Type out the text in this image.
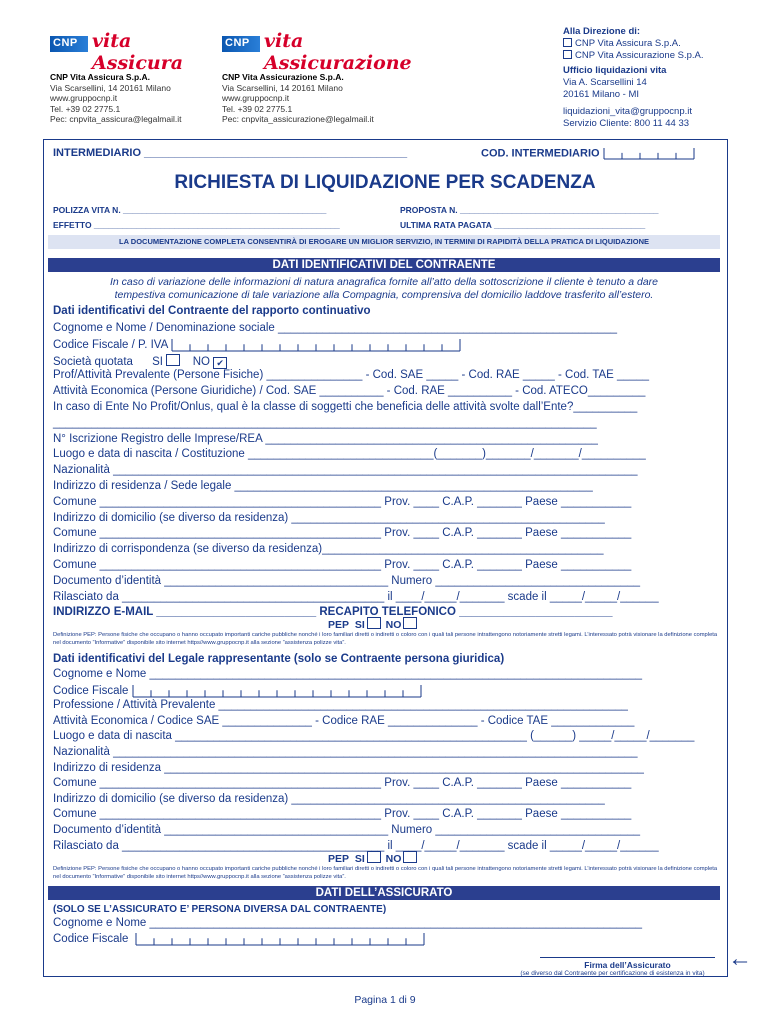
CNP vita Assicura
CNP vita Assicurazione
CNP Vita Assicura S.p.A.
Via Scarsellini, 14 20161 Milano
www.gruppocnp.it
Tel. +39 02 2775.1
Pec: cnpvita_assicura@legalmail.it
CNP Vita Assicurazione S.p.A.
Via Scarsellini, 14 20161 Milano
www.gruppocnp.it
Tel. +39 02 2775.1
Pec: cnpvita_assicurazione@legalmail.it
Alla Direzione di:
CNP Vita Assicura S.p.A.
CNP Vita Assicurazione S.p.A.
Ufficio liquidazioni vita
Via A. Scarsellini 14
20161 Milano - MI
liquidazioni_vita@gruppocnp.it
Servizio Cliente: 800 11 44 33
INTERMEDIARIO ___________________________________________	COD. INTERMEDIARIO
RICHIESTA DI LIQUIDAZIONE PER SCADENZA
POLIZZA VITA N. ___________________________________________	PROPOSTA N. __________________________________________
EFFETTO ____________________________________________________	ULTIMA RATA PAGATA ________________________________
LA DOCUMENTAZIONE COMPLETA CONSENTIRÀ DI EROGARE UN MIGLIOR SERVIZIO, IN TERMINI DI RAPIDITÀ DELLA PRATICA DI LIQUIDAZIONE
DATI IDENTIFICATIVI DEL CONTRAENTE
In caso di variazione delle informazioni di natura anagrafica fornite all’atto della sottoscrizione il cliente è tenuto a dare
tempestiva comunicazione di tale variazione alla Compagnia, comprensiva del domicilio laddove trasferito all’estero.
Dati identificativi del Contraente del rapporto continuativo
Cognome e Nome / Denominazione sociale _____________________________________________________
Codice Fiscale / P. IVA
Società quotata      SI    NO ✔
Prof/Attività Prevalente (Persone Fisiche) _______________ - Cod. SAE _____ - Cod. RAE _____ - Cod. TAE _____
Attività Economica (Persone Giuridiche) / Cod. SAE __________ - Cod. RAE __________ - Cod. ATECO_________
In caso di Ente No Profit/Onlus, qual è la classe di soggetti che beneficia delle attività svolte dall’Ente?__________
_____________________________________________________________________________________
N° Iscrizione Registro delle Imprese/REA ____________________________________________________
Luogo e data di nascita / Costituzione _____________________________(_______)_______/_______/__________
Nazionalità __________________________________________________________________________________
Indirizzo di residenza / Sede legale ________________________________________________________
Comune ____________________________________________ Prov. ____ C.A.P. _______ Paese ___________
Indirizzo di domicilio (se diverso da residenza) _________________________________________________
Comune ____________________________________________ Prov. ____ C.A.P. _______ Paese ___________
Indirizzo di corrispondenza (se diverso da residenza)____________________________________________
Comune ____________________________________________ Prov. ____ C.A.P. _______ Paese ___________
Documento d’identità ___________________________________ Numero ________________________________
Rilasciato da _________________________________________ il ____/_____/_______ scade il _____/_____/______
INDIRIZZO E-MAIL _________________________ RECAPITO TELEFONICO ________________________
PEP  SI NO
Definizione PEP: Persone fisiche che occupano o hanno occupato importanti cariche pubbliche nonché i loro familiari diretti o indiretti o coloro con i quali tali persone intrattengono notoriamente stretti legami. L’interessato potrà visionare la definizione completa nel documento “Informative” disponibile sito internet https//www.gruppocnp.it alla sezione “assistenza polizze vita”.
Dati identificativi del Legale rappresentante (solo se Contraente persona giuridica)
Cognome e Nome _____________________________________________________________________________
Codice Fiscale
Professione / Attività Prevalente ________________________________________________________________
Attività Economica / Codice SAE ______________ - Codice RAE ______________ - Codice TAE _____________
Luogo e data di nascita _______________________________________________________ (______) _____/_____/_______
Nazionalità __________________________________________________________________________________
Indirizzo di residenza ___________________________________________________________________________
Comune ____________________________________________ Prov. ____ C.A.P. _______ Paese ___________
Indirizzo di domicilio (se diverso da residenza) _________________________________________________
Comune ____________________________________________ Prov. ____ C.A.P. _______ Paese ___________
Documento d’identità ___________________________________ Numero ________________________________
Rilasciato da _________________________________________ il ____/_____/_______ scade il _____/_____/______
PEP  SI NO
Definizione PEP: Persone fisiche che occupano o hanno occupato importanti cariche pubbliche nonché i loro familiari diretti o indiretti o coloro con i quali tali persone intrattengono notoriamente stretti legami. L’interessato potrà visionare la definizione completa nel documento “Informative” disponibile sito internet https//www.gruppocnp.it alla sezione “assistenza polizze vita”.
DATI DELL’ASSICURATO
(SOLO SE L’ASSICURATO E’ PERSONA DIVERSA DAL CONTRAENTE)
Cognome e Nome _____________________________________________________________________________
Codice Fiscale
Firma dell’Assicurato
(se diverso dal Contraente per certificazione di esistenza in vita)
←
Pagina 1 di 9
